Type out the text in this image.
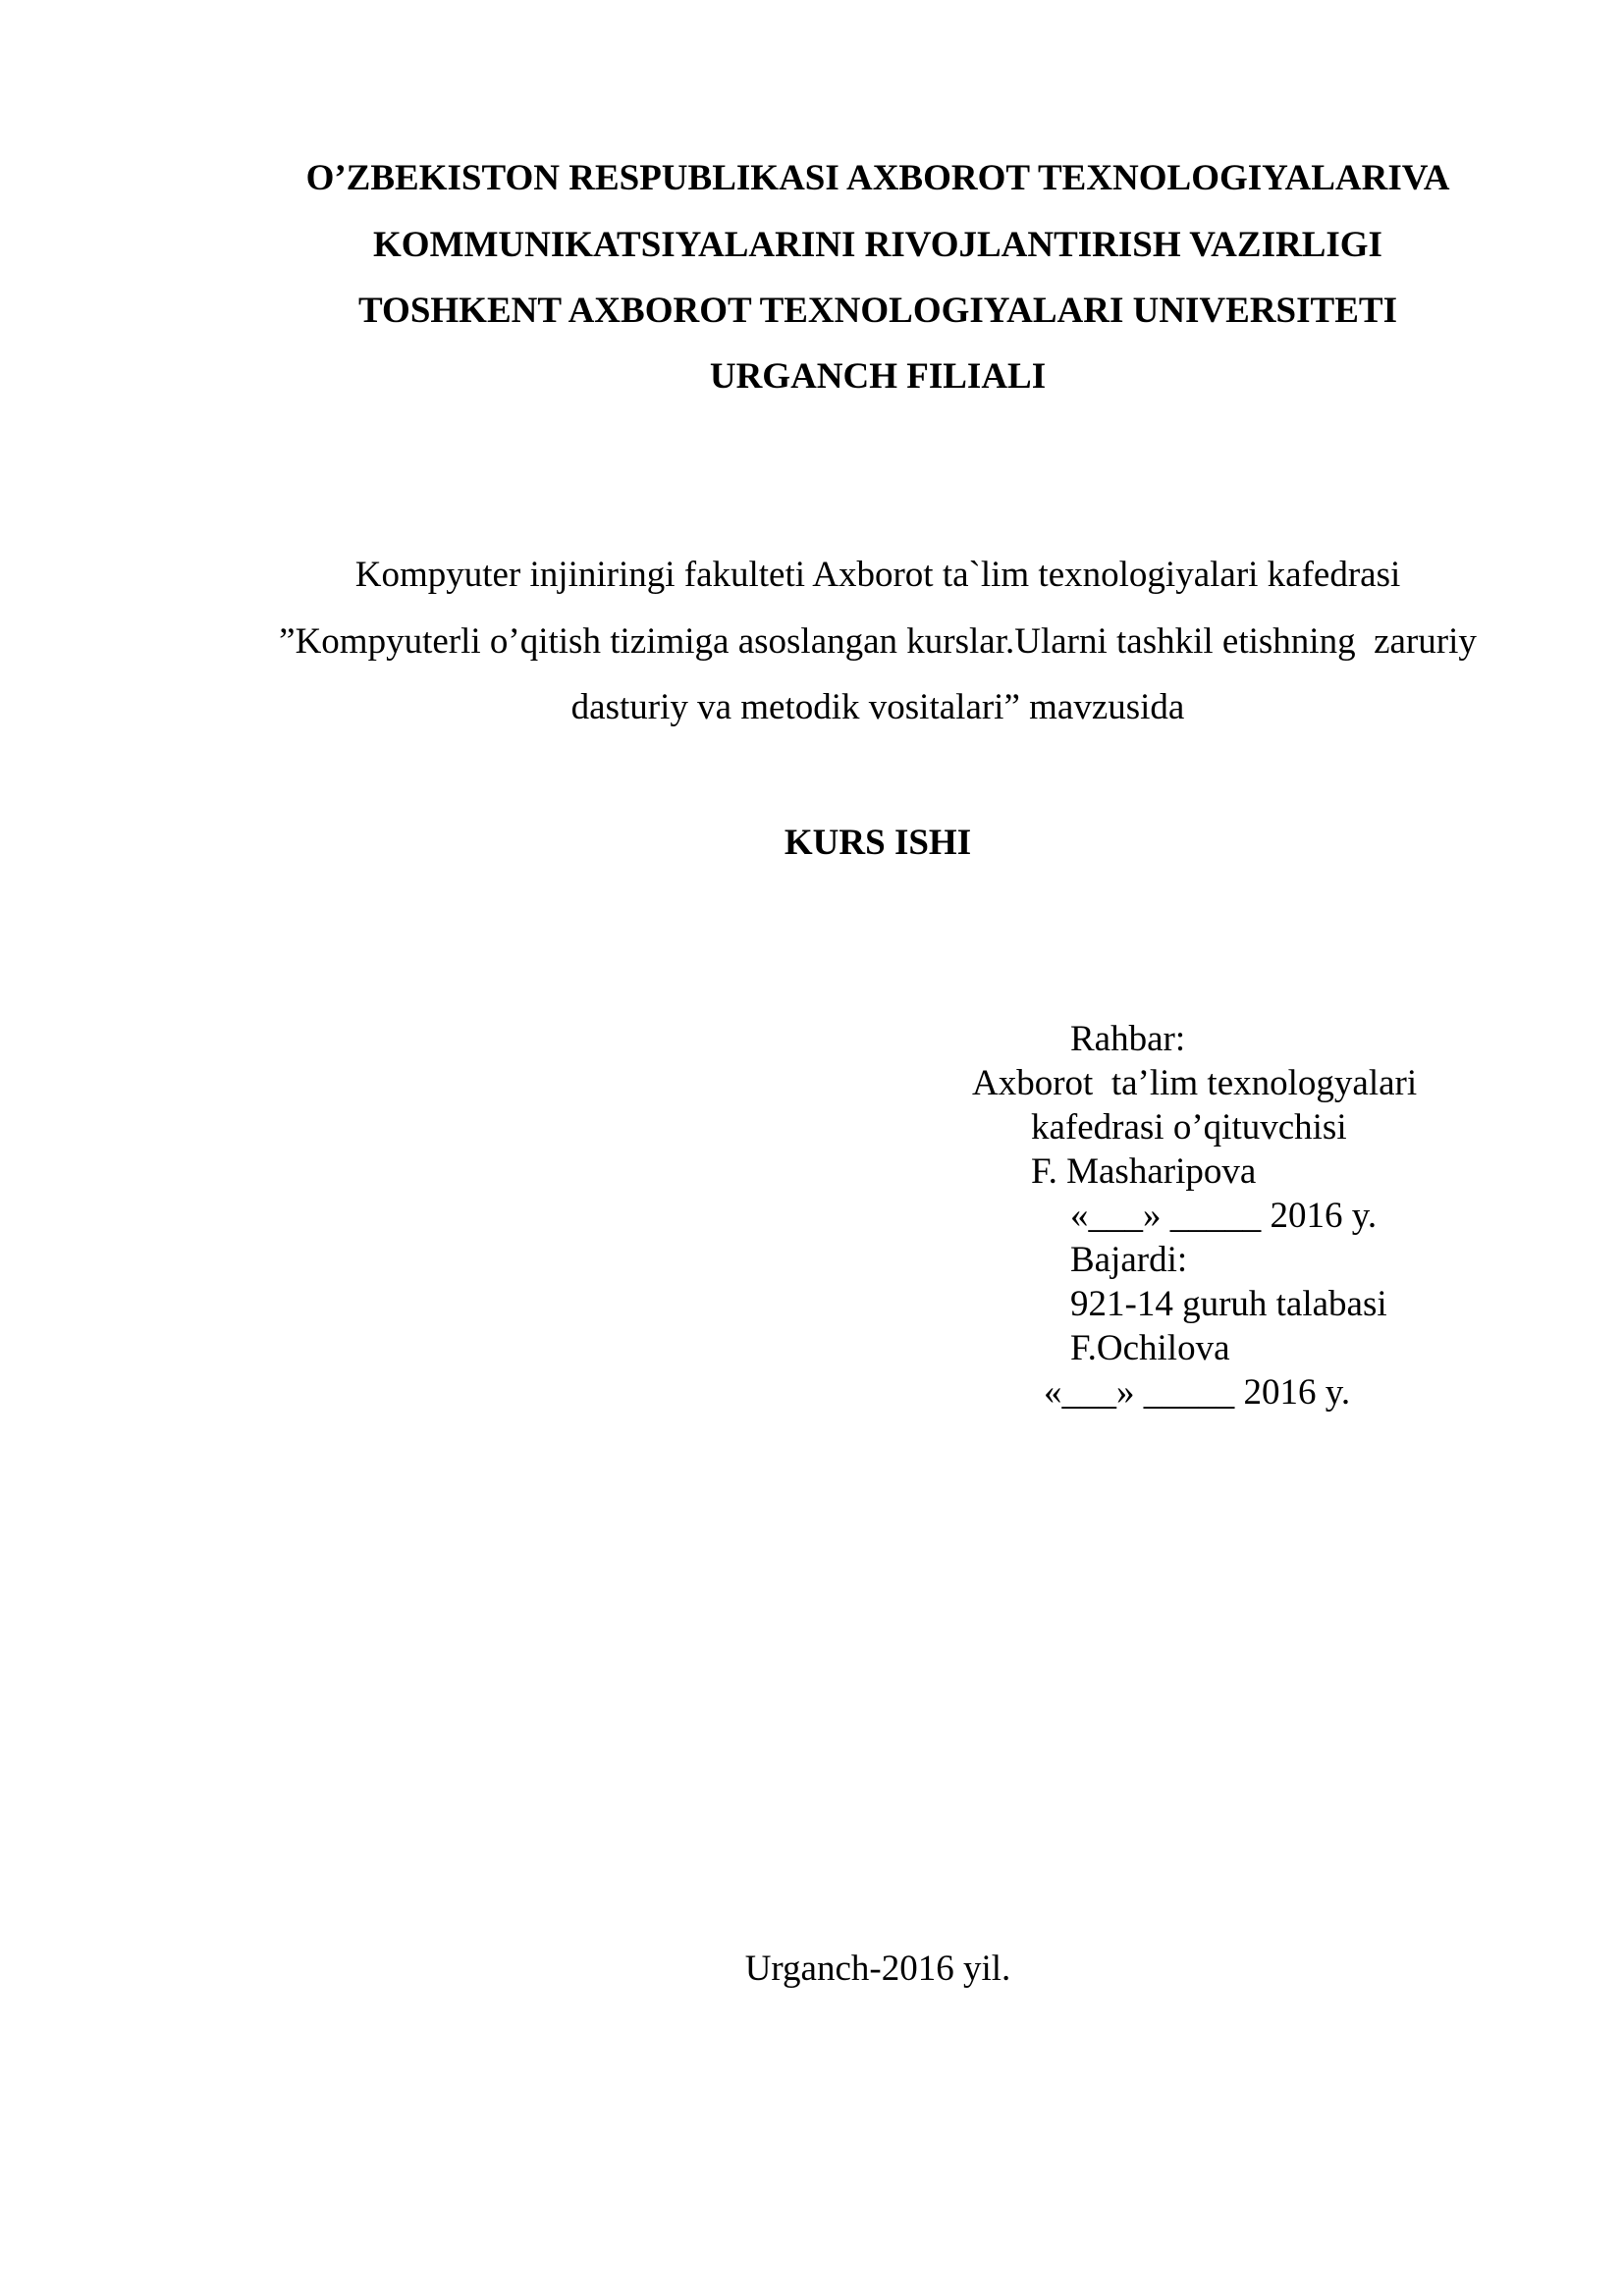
O’ZBEKISTON RESPUBLIKASI AXBOROT TEXNOLOGIYALARIVA
KOMMUNIKATSIYALARINI RIVOJLANTIRISH VAZIRLIGI
TOSHKENT AXBOROT TEXNOLOGIYALARI UNIVERSITETI
URGANCH FILIALI
Kompyuter injiniringi fakulteti Axborot ta`lim texnologiyalari kafedrasi
”Kompyuterli o’qitish tizimiga asoslangan kurslar.Ularni tashkil etishning  zaruriy
dasturiy va metodik vositalari” mavzusida
KURS ISHI
Rahbar:
Axborot  ta’lim texnologyalari
kafedrasi o’qituvchisi
F. Masharipova
«___» _____ 2016 y.
Bajardi:
921-14 guruh talabasi
F.Ochilova
«___» _____ 2016 y.
Urganch-2016 yil.
